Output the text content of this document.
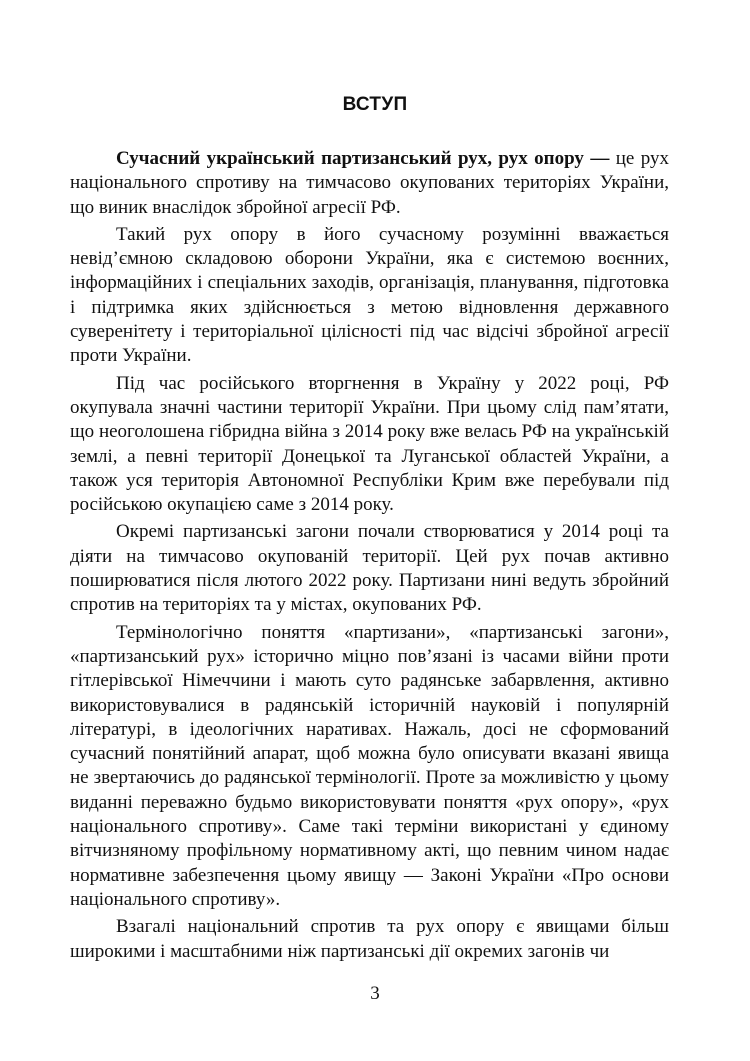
ВСТУП

Сучасний український партизанський рух, рух опору — це рух національного спротиву на тимчасово окупованих територіях України, що виник внаслідок збройної агресії РФ.

Такий рух опору в його сучасному розумінні вважається невід’ємною складовою оборони України, яка є системою воєнних, інформаційних і спеціальних заходів, організація, планування, підготовка і підтримка яких здійснюється з метою відновлення державного суверенітету і територіальної цілісності під час відсічі збройної агресії проти України.

Під час російського вторгнення в Україну у 2022 році, РФ окупувала значні частини території України. При цьому слід пам’ятати, що неоголошена гібридна війна з 2014 року вже велась РФ на українській землі, а певні території Донецької та Луганської областей України, а також уся територія Автономної Республіки Крим вже перебували під російською окупацією саме з 2014 року.

Окремі партизанські загони почали створюватися у 2014 році та діяти на тимчасово окупованій території. Цей рух почав активно поширюватися після лютого 2022 року. Партизани нині ведуть збройний спротив на територіях та у містах, окупованих РФ.

Термінологічно поняття «партизани», «партизанські загони», «партизанський рух» історично міцно пов’язані із часами війни проти гітлерівської Німеччини і мають суто радянське забарвлення, активно використовувалися в радянській історичній науковій і популярній літературі, в ідеологічних наративах. Нажаль, досі не сформований сучасний понятійний апарат, щоб можна було описувати вказані явища не звертаючись до радянської термінології. Проте за можливістю у цьому виданні переважно будьмо використовувати поняття «рух опору», «рух національного спротиву». Саме такі терміни використані у єдиному вітчизняному профільному нормативному акті, що певним чином надає нормативне забезпечення цьому явищу — Законі України «Про основи національного спротиву».

Взагалі національний спротив та рух опору є явищами більш широкими і масштабними ніж партизанські дії окремих загонів чи

3
